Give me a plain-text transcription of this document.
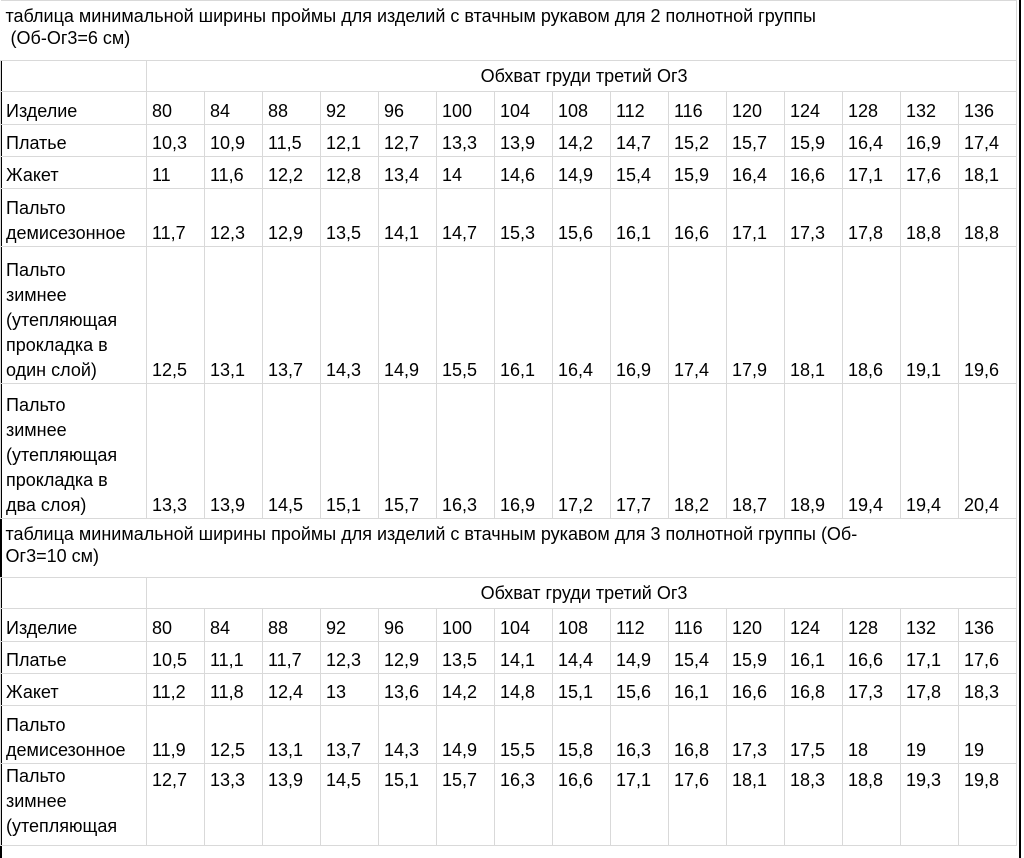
таблица минимальной ширины проймы для изделий с втачным рукавом для 2 полнотной группы
(Об-Ог3=6 см)															
	Обхват груди третий Ог3														
Изделие	80	84	88	92	96	100	104	108	112	116	120	124	128	132	136

Платье	10,3	10,9	11,5	12,1	12,7	13,3	13,9	14,2	14,7	15,2	15,7	15,9	16,4	16,9	17,4

Жакет	11	11,6	12,2	12,8	13,4	14	14,6	14,9	15,4	15,9	16,4	16,6	17,1	17,6	18,1

Пальто
демисезонное	11,7	12,3	12,9	13,5	14,1	14,7	15,3	15,6	16,1	16,6	17,1	17,3	17,8	18,8	18,8

Пальто
зимнее
(утепляющая
прокладка в
один слой)	12,5	13,1	13,7	14,3	14,9	15,5	16,1	16,4	16,9	17,4	17,9	18,1	18,6	19,1	19,6

Пальто
зимнее
(утепляющая
прокладка в
два слоя)	13,3	13,9	14,5	15,1	15,7	16,3	16,9	17,2	17,7	18,2	18,7	18,9	19,4	19,4	20,4
таблица минимальной ширины проймы для изделий с втачным рукавом для 3 полнотной группы (Об-
Ог3=10 см)															
	Обхват груди третий Ог3														
Изделие	80	84	88	92	96	100	104	108	112	116	120	124	128	132	136

Платье	10,5	11,1	11,7	12,3	12,9	13,5	14,1	14,4	14,9	15,4	15,9	16,1	16,6	17,1	17,6

Жакет	11,2	11,8	12,4	13	13,6	14,2	14,8	15,1	15,6	16,1	16,6	16,8	17,3	17,8	18,3

Пальто
демисезонное	11,9	12,5	13,1	13,7	14,3	14,9	15,5	15,8	16,3	16,8	17,3	17,5	18	19	19

Пальто
зимнее
(утепляющая	12,7	13,3	13,9	14,5	15,1	15,7	16,3	16,6	17,1	17,6	18,1	18,3	18,8	19,3	19,8
